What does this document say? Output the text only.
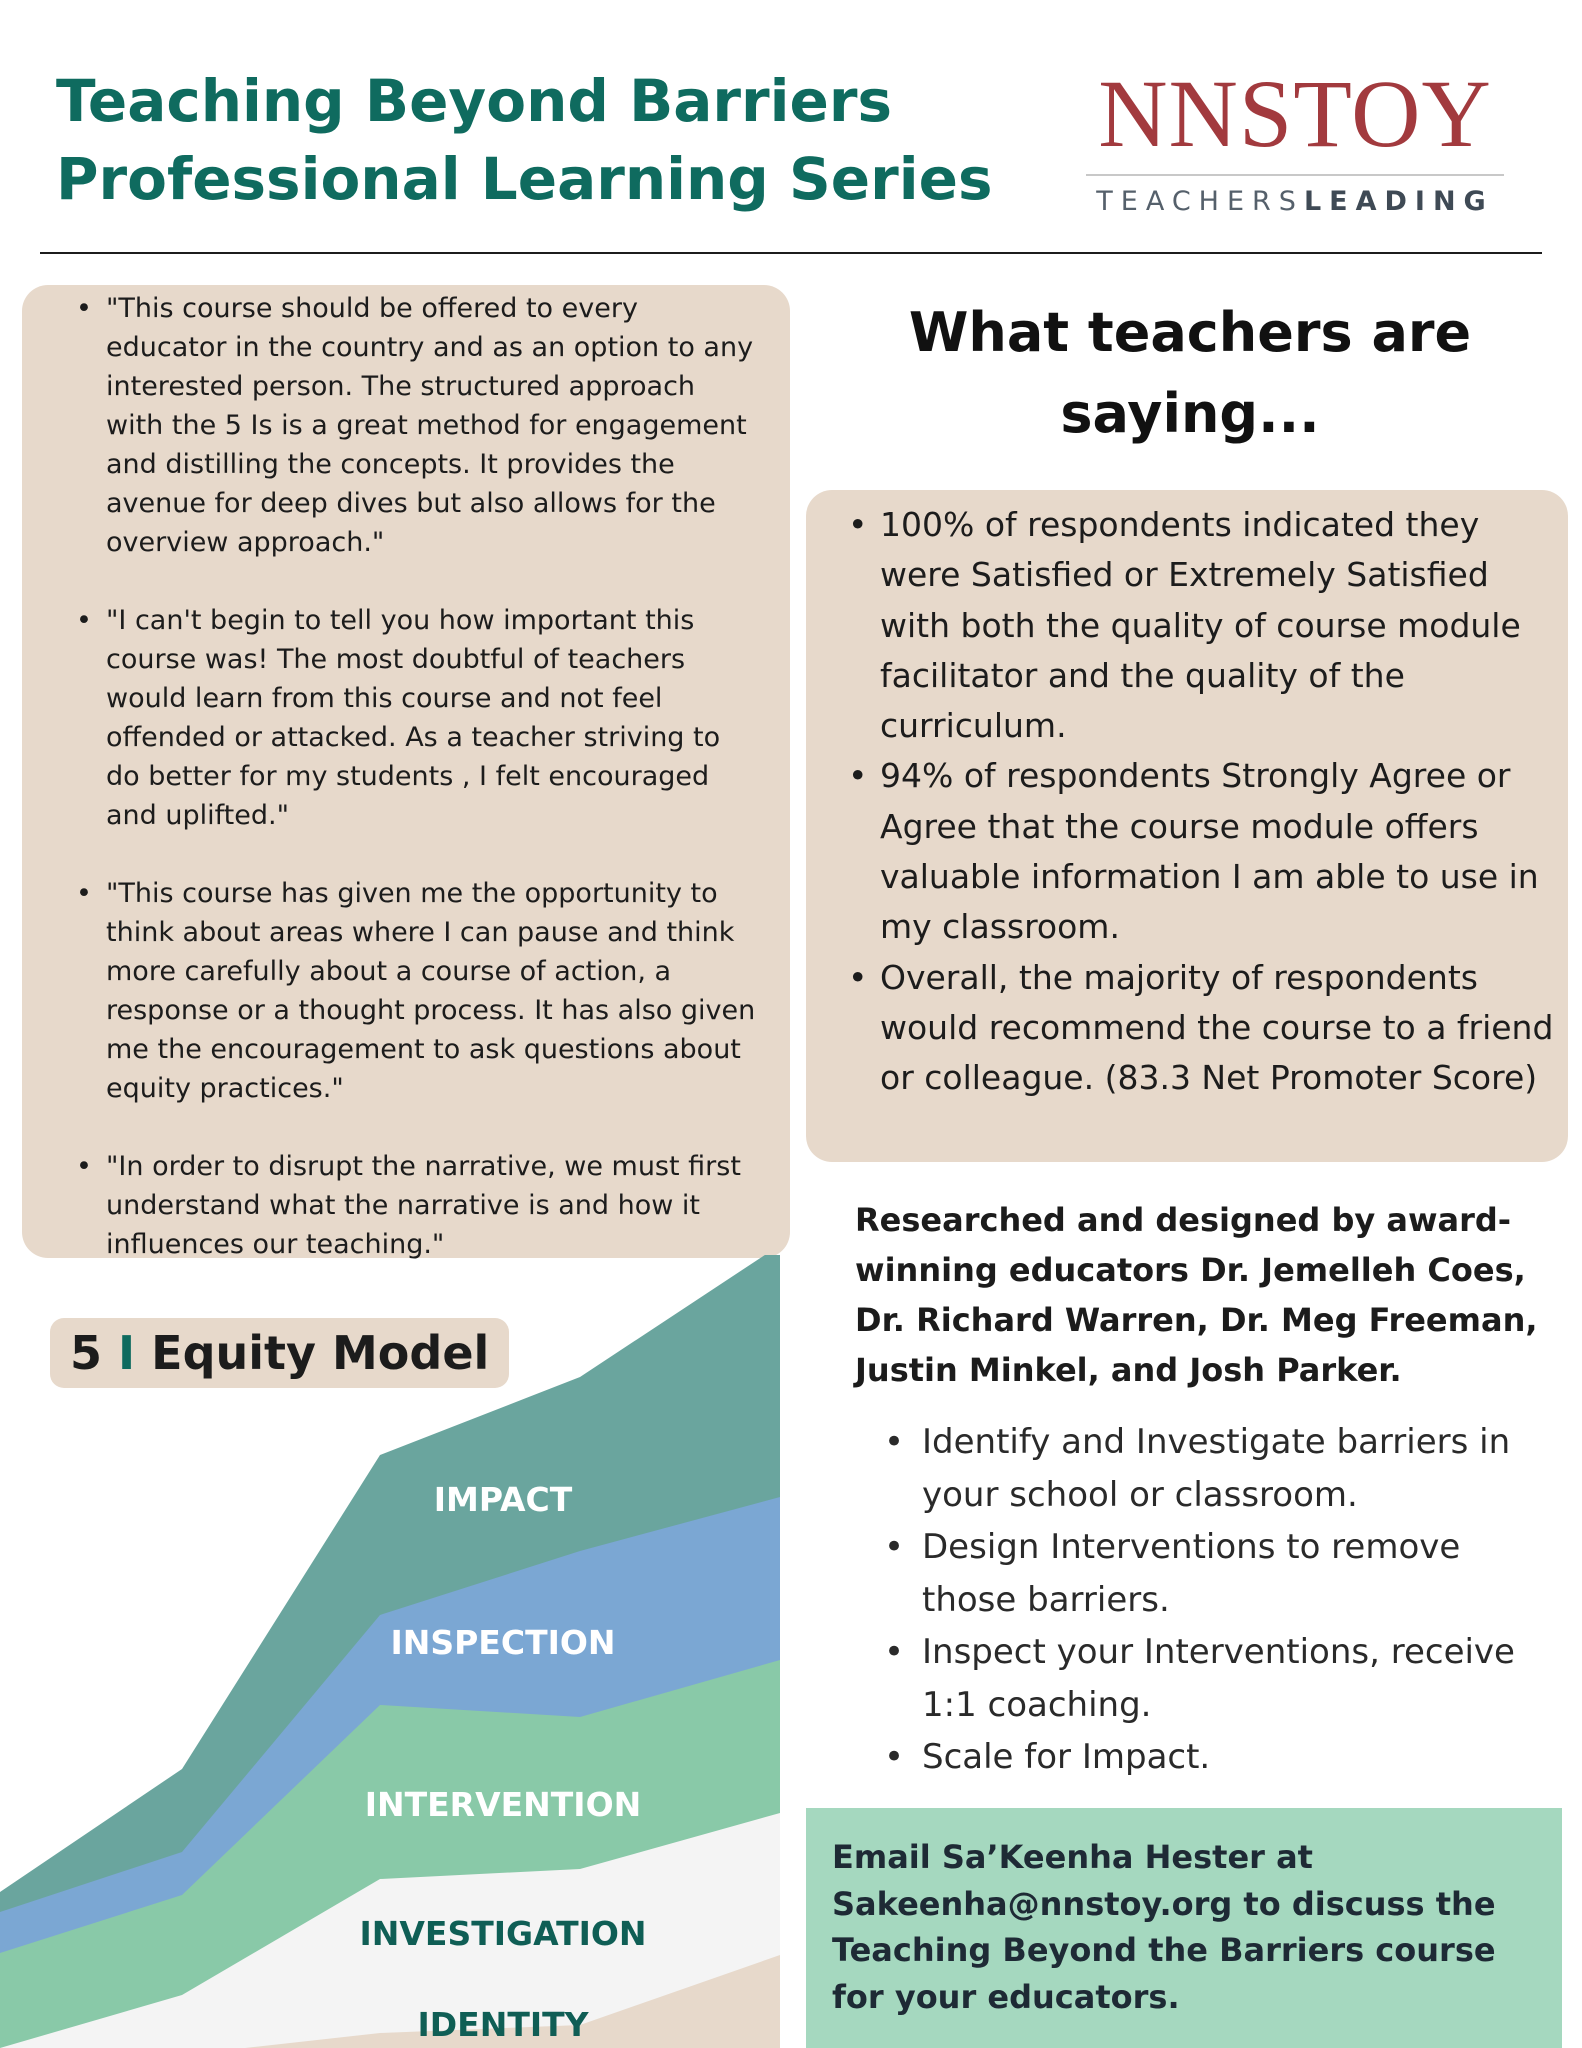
Teaching Beyond Barriers
Professional Learning Series
NNSTOY
TEACHERSLEADING
• "This course should be offered to every educator in the country and as an option to any interested person. The structured approach with the 5 Is is a great method for engagement and distilling the concepts. It provides the avenue for deep dives but also allows for the overview approach."
• "I can't begin to tell you how important this course was! The most doubtful of teachers would learn from this course and not feel offended or attacked. As a teacher striving to do better for my students , I felt encouraged and uplifted."
• "This course has given me the opportunity to think about areas where I can pause and think more carefully about a course of action, a response or a thought process. It has also given me the encouragement to ask questions about equity practices."
• "In order to disrupt the narrative, we must first understand what the narrative is and how it influences our teaching."
What teachers are
saying...
• 100% of respondents indicated they were Satisfied or Extremely Satisfied with both the quality of course module facilitator and the quality of the curriculum.
• 94% of respondents Strongly Agree or Agree that the course module offers valuable information I am able to use in my classroom.
• Overall, the majority of respondents would recommend the course to a friend or colleague. (83.3 Net Promoter Score)

Researched and designed by award-winning educators Dr. Jemelleh Coes, Dr. Richard Warren, Dr. Meg Freeman, Justin Minkel, and Josh Parker.

• Identify and Investigate barriers in your school or classroom.
• Design Interventions to remove those barriers.
• Inspect your Interventions, receive 1:1 coaching.
• Scale for Impact.

Email Sa’Keenha Hester at Sakeenha@nnstoy.org to discuss the Teaching Beyond the Barriers course for your educators.

IMPACT
INSPECTION
INTERVENTION
INVESTIGATION
IDENTITY
5 I Equity Model
